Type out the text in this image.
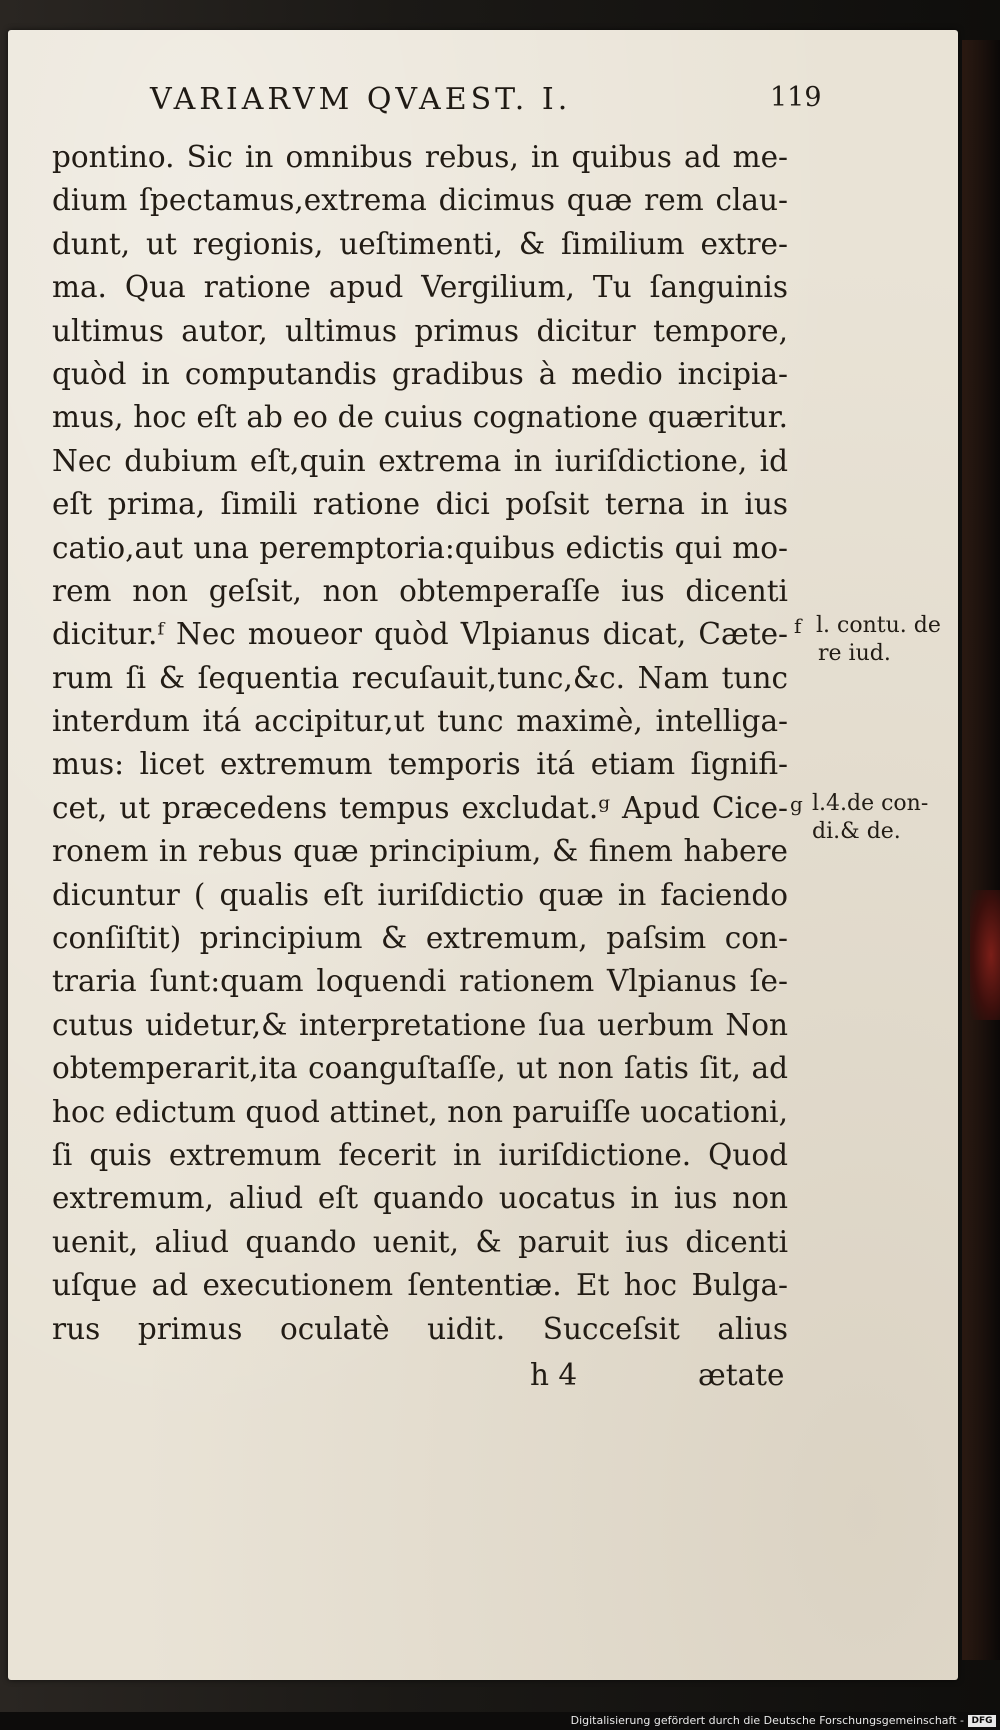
VARIARVM QVAEST. I.	119
pontino. Sic in omnibus rebus, in quibus ad me-
dium ſpectamus,extrema dicimus quæ rem clau-
dunt, ut regionis, ueſtimenti, & ſimilium extre-
ma. Qua ratione apud Vergilium, Tu ſanguinis
ultimus autor, ultimus primus dicitur tempore,
quòd in computandis gradibus à medio incipia-
mus, hoc eſt ab eo de cuius cognatione quæritur.
Nec dubium eſt,quin extrema in iuriſdictione, id
eſt prima, ſimili ratione dici poſsit terna in ius
catio,aut una peremptoria:quibus edictis qui mo-
rem non geſsit, non obtemperaſſe ius dicenti
dicitur.ᶠ Nec moueor quòd Vlpianus dicat, Cæte-
rum ſi & ſequentia recuſauit,tunc,&c. Nam tunc
interdum itá accipitur,ut tunc maximè, intelliga-
mus: licet extremum temporis itá etiam ſignifi-
cet, ut præcedens tempus excludat.ᵍ Apud Cice-
ronem in rebus quæ principium, & finem habere
dicuntur ( qualis eſt iuriſdictio quæ in faciendo
conſiſtit) principium & extremum, paſsim con-
traria ſunt:quam loquendi rationem Vlpianus ſe-
cutus uidetur,& interpretatione ſua uerbum Non
obtemperarit,ita coanguſtaſſe, ut non ſatis ſit, ad
hoc edictum quod attinet, non paruiſſe uocationi,
ſi quis extremum fecerit in iuriſdictione. Quod
extremum, aliud eſt quando uocatus in ius non
uenit, aliud quando uenit, & paruit ius dicenti
uſque ad executionem ſententiæ. Et hoc Bulga-
rus primus oculatè uidit. Succeſsit alius
h 4	ætate
f l. contu. de
re iud.
g l.4.de con-
di.& de.
Digitalisierung gefördert durch die Deutsche Forschungsgemeinschaft - DFG
